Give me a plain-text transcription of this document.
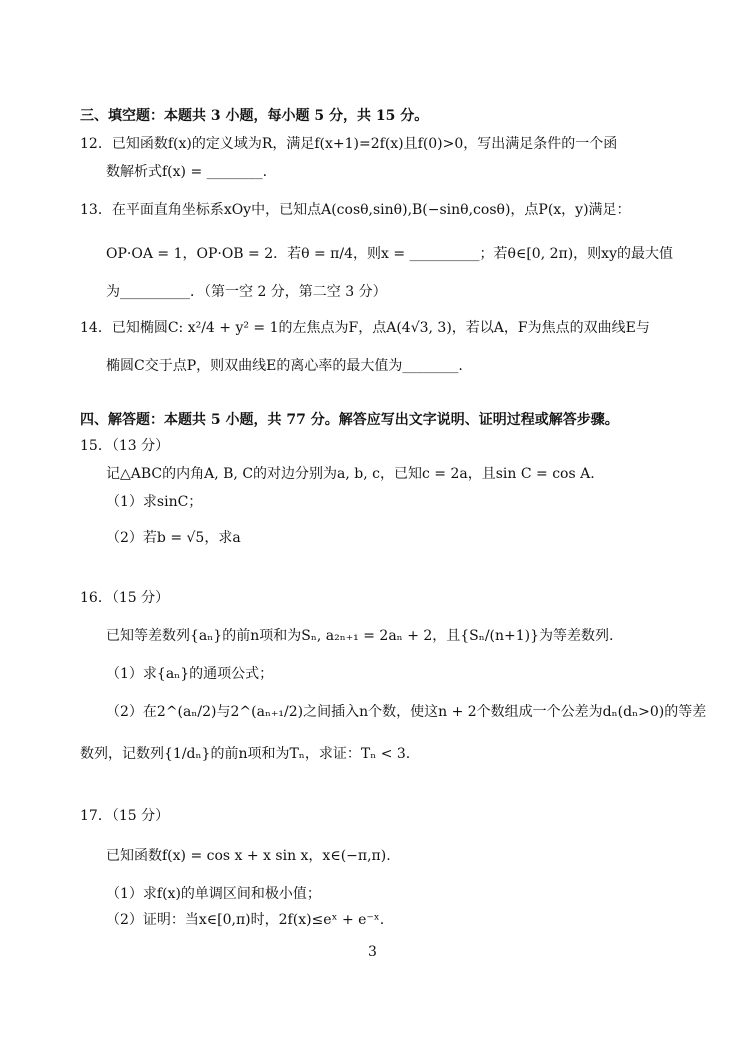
三、填空题：本题共 3 小题，每小题 5 分，共 15 分。
12．已知函数f(x)的定义域为R，满足f(x+1)=2f(x)且f(0)>0，写出满足条件的一个函
数解析式f(x) = ________.
13．在平面直角坐标系xOy中，已知点A(cosθ,sinθ),B(−sinθ,cosθ)，点P(x，y)满足：
OP·OA = 1，OP·OB = 2．若θ = π/4，则x = __________；若θ∈[0, 2π)，则xy的最大值
为__________．（第一空 2 分，第二空 3 分）
14．已知椭圆C: x²/4 + y² = 1的左焦点为F，点A(4√3, 3)，若以A，F为焦点的双曲线E与
椭圆C交于点P，则双曲线E的离心率的最大值为________.
四、解答题：本题共 5 小题，共 77 分。解答应写出文字说明、证明过程或解答步骤。
15．（13 分）
记△ABC的内角A, B, C的对边分别为a, b, c，已知c = 2a，且sin C = cos A.
（1）求sinC；
（2）若b = √5，求a
16．（15 分）
已知等差数列{aₙ}的前n项和为Sₙ, a₂ₙ₊₁ = 2aₙ + 2，且{Sₙ/(n+1)}为等差数列.
（1）求{aₙ}的通项公式；
（2）在2^(aₙ/2)与2^(aₙ₊₁/2)之间插入n个数，使这n + 2个数组成一个公差为dₙ(dₙ>0)的等差
数列，记数列{1/dₙ}的前n项和为Tₙ，求证：Tₙ < 3.
17．（15 分）
已知函数f(x) = cos x + x sin x，x∈(−π,π).
（1）求f(x)的单调区间和极小值；
（2）证明：当x∈[0,π)时，2f(x)≤eˣ + e⁻ˣ.
3
